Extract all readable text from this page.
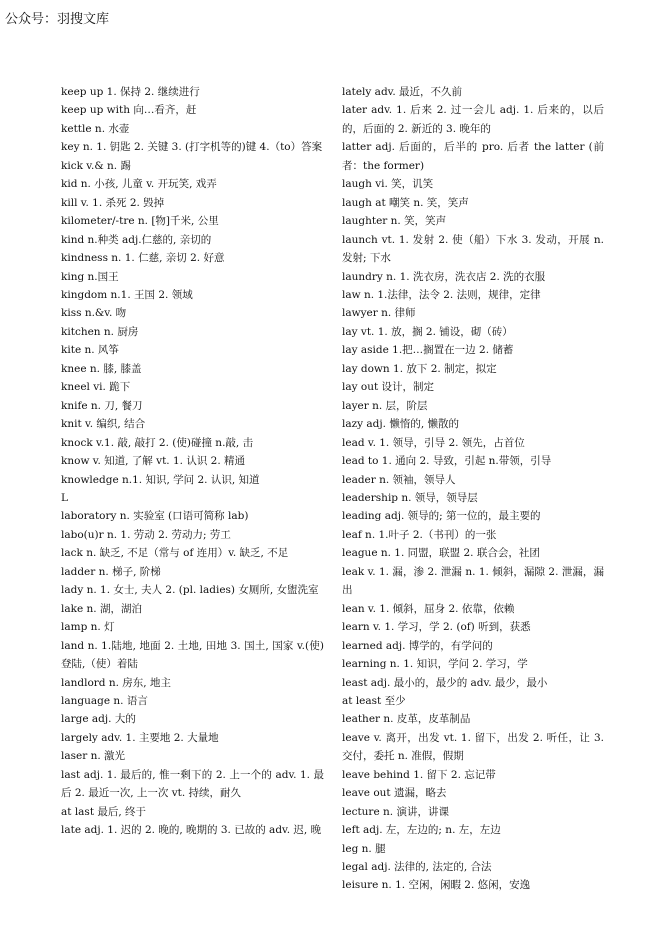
公众号：羽搜文库

keep up 1. 保持 2. 继续进行

keep up with 向…看齐，赶

kettle n. 水壶

key n. 1. 钥匙 2. 关键 3. (打字机等的)键 4.（to）答案

kick v.& n. 踢

kid n. 小孩, 儿童 v. 开玩笑, 戏弄

kill v. 1. 杀死 2. 毁掉

kilometer/-tre n. [物]千米, 公里

kind n.种类 adj.仁慈的, 亲切的

kindness n. 1. 仁慈, 亲切 2. 好意

king n.国王

kingdom n.1. 王国 2. 领域

kiss n.&v. 吻

kitchen n. 厨房

kite n. 风筝

knee n. 膝, 膝盖

kneel vi. 跪下

knife n. 刀, 餐刀

knit v. 编织, 结合

knock v.1. 敲, 敲打 2. (使)碰撞 n.敲, 击

know v. 知道, 了解 vt. 1. 认识 2. 精通

knowledge n.1. 知识, 学问 2. 认识, 知道

L

laboratory n. 实验室 (口语可简称 lab)

labo(u)r n. 1. 劳动 2. 劳动力; 劳工

lack n. 缺乏, 不足（常与 of 连用）v. 缺乏, 不足

ladder n. 梯子, 阶梯

lady n. 1. 女士, 夫人 2. (pl. ladies) 女厕所, 女盥洗室

lake n. 湖，湖泊

lamp n. 灯

land n. 1.陆地, 地面 2. 土地, 田地 3. 国土, 国家 v.(使)登陆,（使）着陆

landlord n. 房东, 地主

language n. 语言

large adj. 大的

largely adv. 1. 主要地 2. 大量地

laser n. 激光

last adj. 1. 最后的, 惟一剩下的 2. 上一个的 adv. 1. 最后 2. 最近一次, 上一次 vt. 持续，耐久

at last 最后, 终于

late adj. 1. 迟的 2. 晚的, 晚期的 3. 已故的 adv. 迟, 晚

lately adv. 最近，不久前

later adv. 1. 后来 2. 过一会儿 adj. 1. 后来的，以后的，后面的 2. 新近的 3. 晚年的

latter adj. 后面的，后半的 pro. 后者 the latter (前者：the former)

laugh vi. 笑，讥笑

laugh at 嘲笑 n. 笑，笑声

laughter n. 笑，笑声

launch vt. 1. 发射 2. 使（船）下水 3. 发动，开展 n. 发射; 下水

laundry n. 1. 洗衣房，洗衣店 2. 洗的衣服

law n. 1.法律，法令 2. 法则，规律，定律

lawyer n. 律师

lay vt. 1. 放，搁 2. 铺设，砌（砖）

lay aside 1.把…搁置在一边 2. 储蓄

lay down 1. 放下 2. 制定，拟定

lay out 设计，制定

layer n. 层，阶层

lazy adj. 懒惰的, 懒散的

lead v. 1. 领导，引导 2. 领先，占首位

lead to 1. 通向 2. 导致，引起 n.带领，引导

leader n. 领袖，领导人

leadership n. 领导，领导层

leading adj. 领导的; 第一位的，最主要的

leaf n. 1.叶子 2.（书刊）的一张

league n. 1. 同盟，联盟 2. 联合会，社团

leak v. 1. 漏，渗 2. 泄漏 n. 1. 倾斜，漏隙 2. 泄漏，漏出

lean v. 1. 倾斜，屈身 2. 依靠，依赖

learn v. 1. 学习，学 2. (of) 听到，获悉

learned adj. 博学的，有学问的

learning n. 1. 知识，学问 2. 学习，学

least adj. 最小的，最少的 adv. 最少，最小

at least 至少

leather n. 皮革，皮革制品

leave v. 离开，出发 vt. 1. 留下，出发 2. 听任，让 3. 交付，委托 n. 准假，假期

leave behind 1. 留下 2. 忘记带

leave out 遗漏，略去

lecture n. 演讲，讲课

left adj. 左，左边的; n. 左，左边

leg n. 腿

legal adj. 法律的, 法定的, 合法

leisure n. 1. 空闲，闲暇 2. 悠闲，安逸
